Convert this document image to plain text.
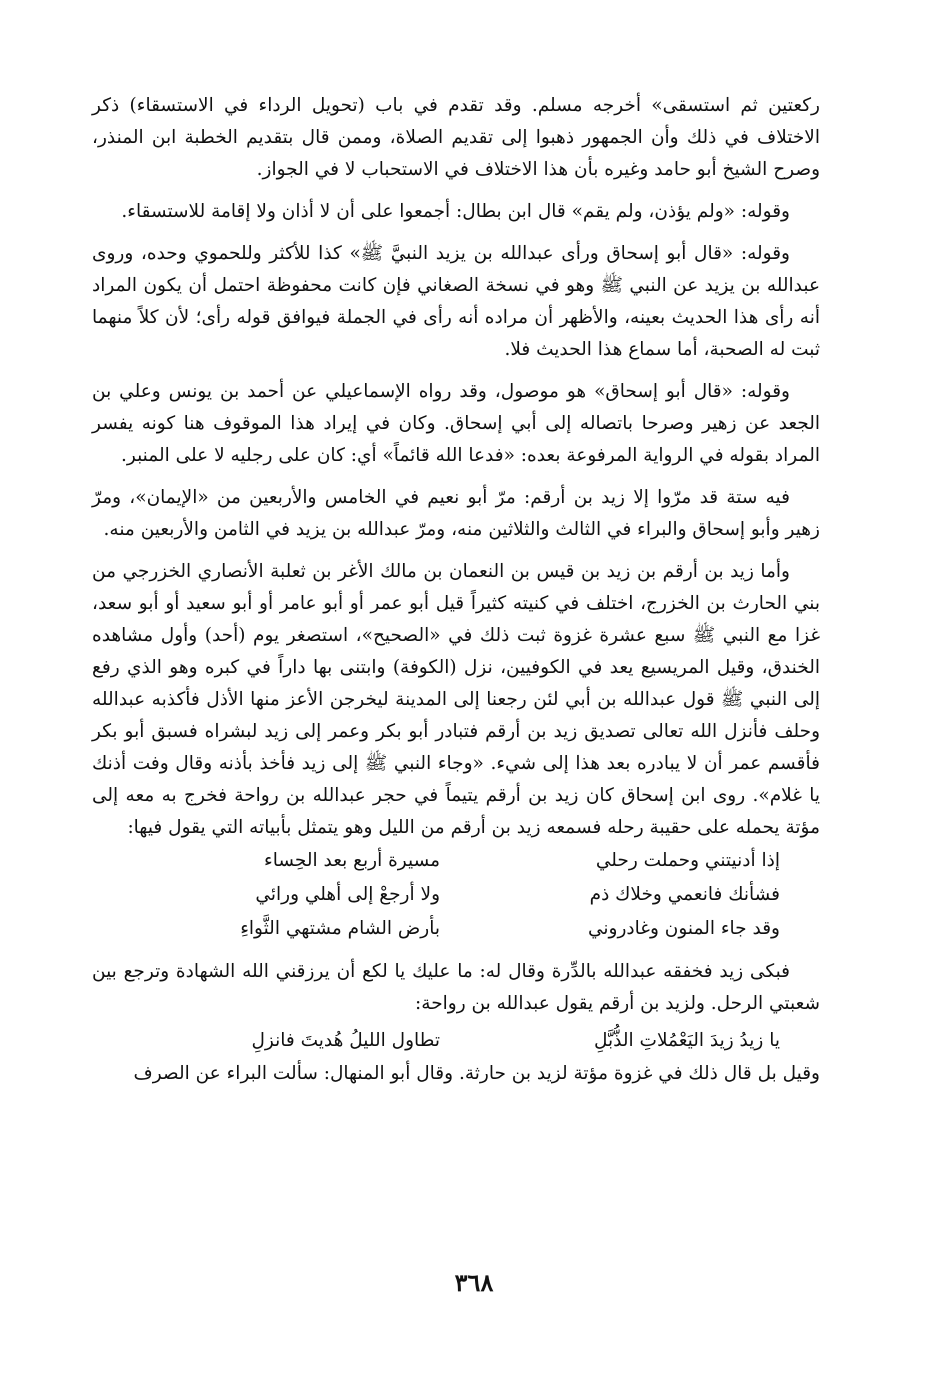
ركعتين ثم استسقى» أخرجه مسلم. وقد تقدم في باب (تحويل الرداء في الاستسقاء) ذكر الاختلاف في ذلك وأن الجمهور ذهبوا إلى تقديم الصلاة، وممن قال بتقديم الخطبة ابن المنذر، وصرح الشيخ أبو حامد وغيره بأن هذا الاختلاف في الاستحباب لا في الجواز.

وقوله: «ولم يؤذن، ولم يقم» قال ابن بطال: أجمعوا على أن لا أذان ولا إقامة للاستسقاء.

وقوله: «قال أبو إسحاق ورأى عبدالله بن يزيد النبيَّ ﷺ» كذا للأكثر وللحموي وحده، وروى عبدالله بن يزيد عن النبي ﷺ وهو في نسخة الصغاني فإن كانت محفوظة احتمل أن يكون المراد أنه رأى هذا الحديث بعينه، والأظهر أن مراده أنه رأى في الجملة فيوافق قوله رأى؛ لأن كلاً منهما ثبت له الصحبة، أما سماع هذا الحديث فلا.

وقوله: «قال أبو إسحاق» هو موصول، وقد رواه الإسماعيلي عن أحمد بن يونس وعلي بن الجعد عن زهير وصرحا باتصاله إلى أبي إسحاق. وكان في إيراد هذا الموقوف هنا كونه يفسر المراد بقوله في الرواية المرفوعة بعده: «فدعا الله قائماً» أي: كان على رجليه لا على المنبر.

فيه ستة قد مرّوا إلا زيد بن أرقم: مرّ أبو نعيم في الخامس والأربعين من «الإيمان»، ومرّ زهير وأبو إسحاق والبراء في الثالث والثلاثين منه، ومرّ عبدالله بن يزيد في الثامن والأربعين منه.

وأما زيد بن أرقم بن زيد بن قيس بن النعمان بن مالك الأغر بن ثعلبة الأنصاري الخزرجي من بني الحارث بن الخزرج، اختلف في كنيته كثيراً قيل أبو عمر أو أبو عامر أو أبو سعيد أو أبو سعد، غزا مع النبي ﷺ سبع عشرة غزوة ثبت ذلك في «الصحيح»، استصغر يوم (أحد) وأول مشاهده الخندق، وقيل المريسيع يعد في الكوفيين، نزل (الكوفة) وابتنى بها داراً في كبره وهو الذي رفع إلى النبي ﷺ قول عبدالله بن أبي لئن رجعنا إلى المدينة ليخرجن الأعز منها الأذل فأكذبه عبدالله وحلف فأنزل الله تعالى تصديق زيد بن أرقم فتبادر أبو بكر وعمر إلى زيد لبشراه فسبق أبو بكر فأقسم عمر أن لا يبادره بعد هذا إلى شيء. «وجاء النبي ﷺ إلى زيد فأخذ بأذنه وقال وفت أذنك يا غلام». روى ابن إسحاق كان زيد بن أرقم يتيماً في حجر عبدالله بن رواحة فخرج به معه إلى مؤتة يحمله على حقيبة رحله فسمعه زيد بن أرقم من الليل وهو يتمثل بأبياته التي يقول فيها:

إذا أدنيتني وحملت رحلي
مسيرة أربع بعد الحِساء
فشأنك فانعمي وخلاك ذم
ولا أرجعْ إلى أهلي ورائي
وقد جاء المنون وغادروني
بأرض الشام مشتهي الثَّواءِ

فبكى زيد فخفقه عبدالله بالدِّرة وقال له: ما عليك يا لكع أن يرزقني الله الشهادة وترجع بين شعبتي الرحل. ولزيد بن أرقم يقول عبدالله بن رواحة:

يا زيدُ زيدَ اليَعْمُلاتِ الذُّبَّلِ
تطاول الليلُ هُديتَ فانزلِ

وقيل بل قال ذلك في غزوة مؤتة لزيد بن حارثة. وقال أبو المنهال: سألت البراء عن الصرف

٣٦٨
